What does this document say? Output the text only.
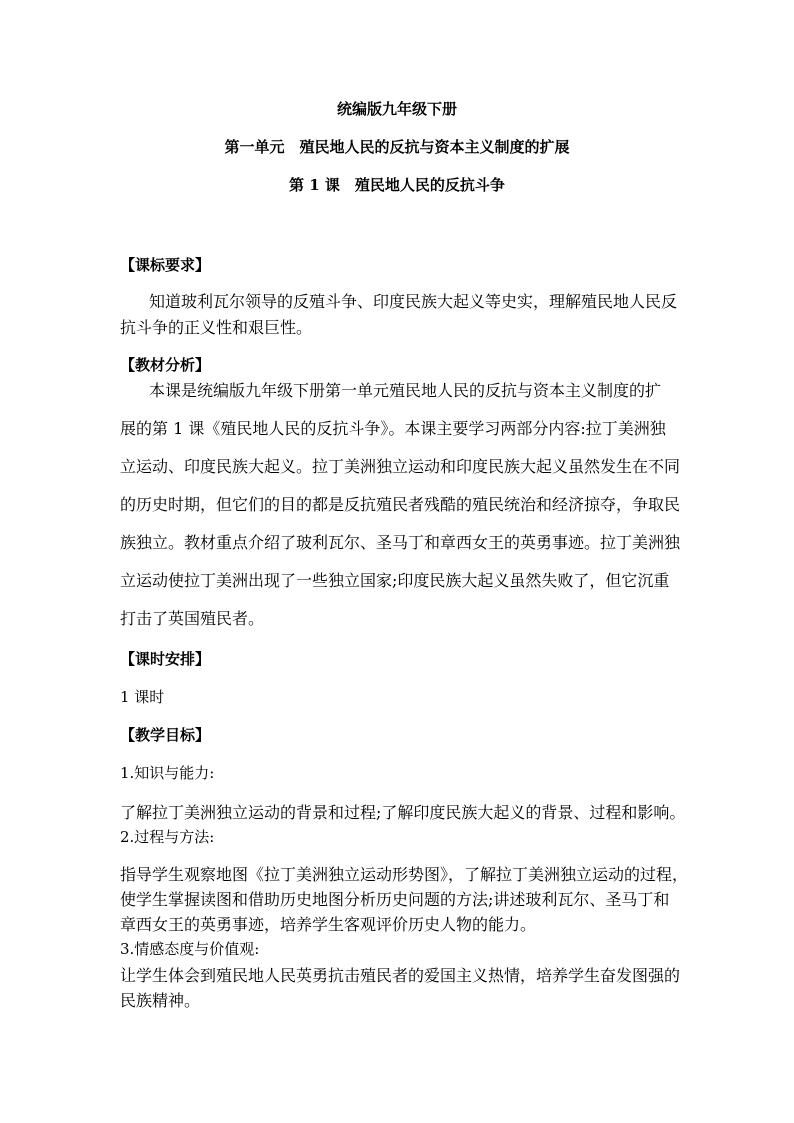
统编版九年级下册
第一单元　殖民地人民的反抗与资本主义制度的扩展
第 1 课　殖民地人民的反抗斗争
【课标要求】
知道玻利瓦尔领导的反殖斗争、印度民族大起义等史实，理解殖民地人民反
抗斗争的正义性和艰巨性。
【教材分析】
本课是统编版九年级下册第一单元殖民地人民的反抗与资本主义制度的扩
展的第 1 课《殖民地人民的反抗斗争》。本课主要学习两部分内容:拉丁美洲独
立运动、印度民族大起义。拉丁美洲独立运动和印度民族大起义虽然发生在不同
的历史时期，但它们的目的都是反抗殖民者残酷的殖民统治和经济掠夺，争取民
族独立。教材重点介绍了玻利瓦尔、圣马丁和章西女王的英勇事迹。拉丁美洲独
立运动使拉丁美洲出现了一些独立国家;印度民族大起义虽然失败了，但它沉重
打击了英国殖民者。
【课时安排】
1 课时
【教学目标】
1.知识与能力:
了解拉丁美洲独立运动的背景和过程;了解印度民族大起义的背景、过程和影响。
2.过程与方法:
指导学生观察地图《拉丁美洲独立运动形势图》，了解拉丁美洲独立运动的过程，
使学生掌握读图和借助历史地图分析历史问题的方法;讲述玻利瓦尔、圣马丁和
章西女王的英勇事迹，培养学生客观评价历史人物的能力。
3.情感态度与价值观:
让学生体会到殖民地人民英勇抗击殖民者的爱国主义热情，培养学生奋发图强的
民族精神。
